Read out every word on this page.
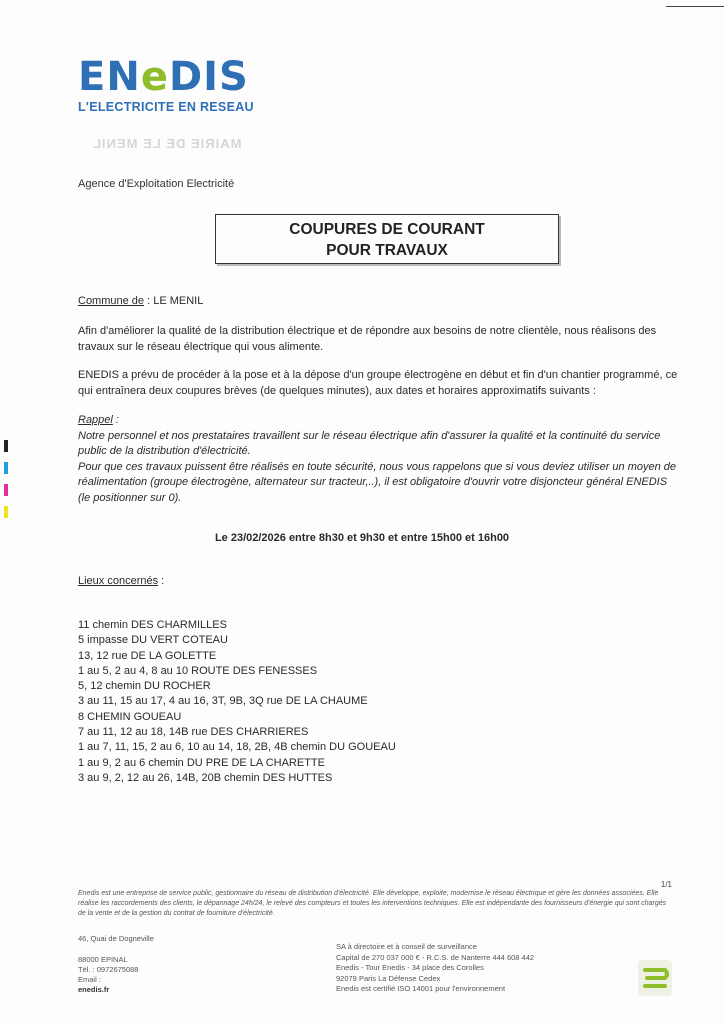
ENeDIS
L'ELECTRICITE EN RESEAU
MAIRIE DE LE MENIL
Agence d'Exploitation Electricité
COUPURES DE COURANT
POUR TRAVAUX
Commune de : LE MENIL
Afin d'améliorer la qualité de la distribution électrique et de répondre aux besoins de notre clientèle, nous réalisons des travaux sur le réseau électrique qui vous alimente.
ENEDIS a prévu de procéder à la pose et à la dépose d'un groupe électrogène en début et fin d'un chantier programmé, ce qui entraînera deux coupures brèves (de quelques minutes), aux dates et horaires approximatifs suivants :
Rappel :
Notre personnel et nos prestataires travaillent sur le réseau électrique afin d'assurer la qualité et la continuité du service public de la distribution d'électricité.
Pour que ces travaux puissent être réalisés en toute sécurité, nous vous rappelons que si vous deviez utiliser un moyen de réalimentation (groupe électrogène, alternateur sur tracteur,..), il est obligatoire d'ouvrir votre disjoncteur général ENEDIS (le positionner sur 0).
Le 23/02/2026 entre 8h30 et 9h30 et entre 15h00 et 16h00
Lieux concernés :
11 chemin DES CHARMILLES
5 impasse DU VERT COTEAU
13, 12 rue DE LA GOLETTE
1 au 5, 2 au 4, 8 au 10 ROUTE DES FENESSES
5, 12 chemin DU ROCHER
3 au 11, 15 au 17, 4 au 16, 3T, 9B, 3Q rue DE LA CHAUME
8 CHEMIN GOUEAU
7 au 11, 12 au 18, 14B rue DES CHARRIERES
1 au 7, 11, 15, 2 au 6, 10 au 14, 18, 2B, 4B chemin DU GOUEAU
1 au 9, 2 au 6 chemin DU PRE DE LA CHARETTE
3 au 9, 2, 12 au 26, 14B, 20B chemin DES HUTTES
1/1
Enedis est une entreprise de service public, gestionnaire du réseau de distribution d'électricité. Elle développe, exploite, modernise le réseau électrique et gère les données associées. Elle réalise les raccordements des clients, le dépannage 24h/24, le relevé des compteurs et toutes les interventions techniques. Elle est indépendante des fournisseurs d'énergie qui sont chargés de la vente et de la gestion du contrat de fourniture d'électricité.
46, Quai de Dogneville
88000 EPINAL
Tél. : 0972675088
Email :
enedis.fr
SA à directoire et à conseil de surveillance
Capital de 270 037 000 € - R.C.S. de Nanterre 444 608 442
Enedis - Tour Enedis - 34 place des Corolles
92079 Paris La Défense Cedex
Enedis est certifié ISO 14001 pour l'environnement
